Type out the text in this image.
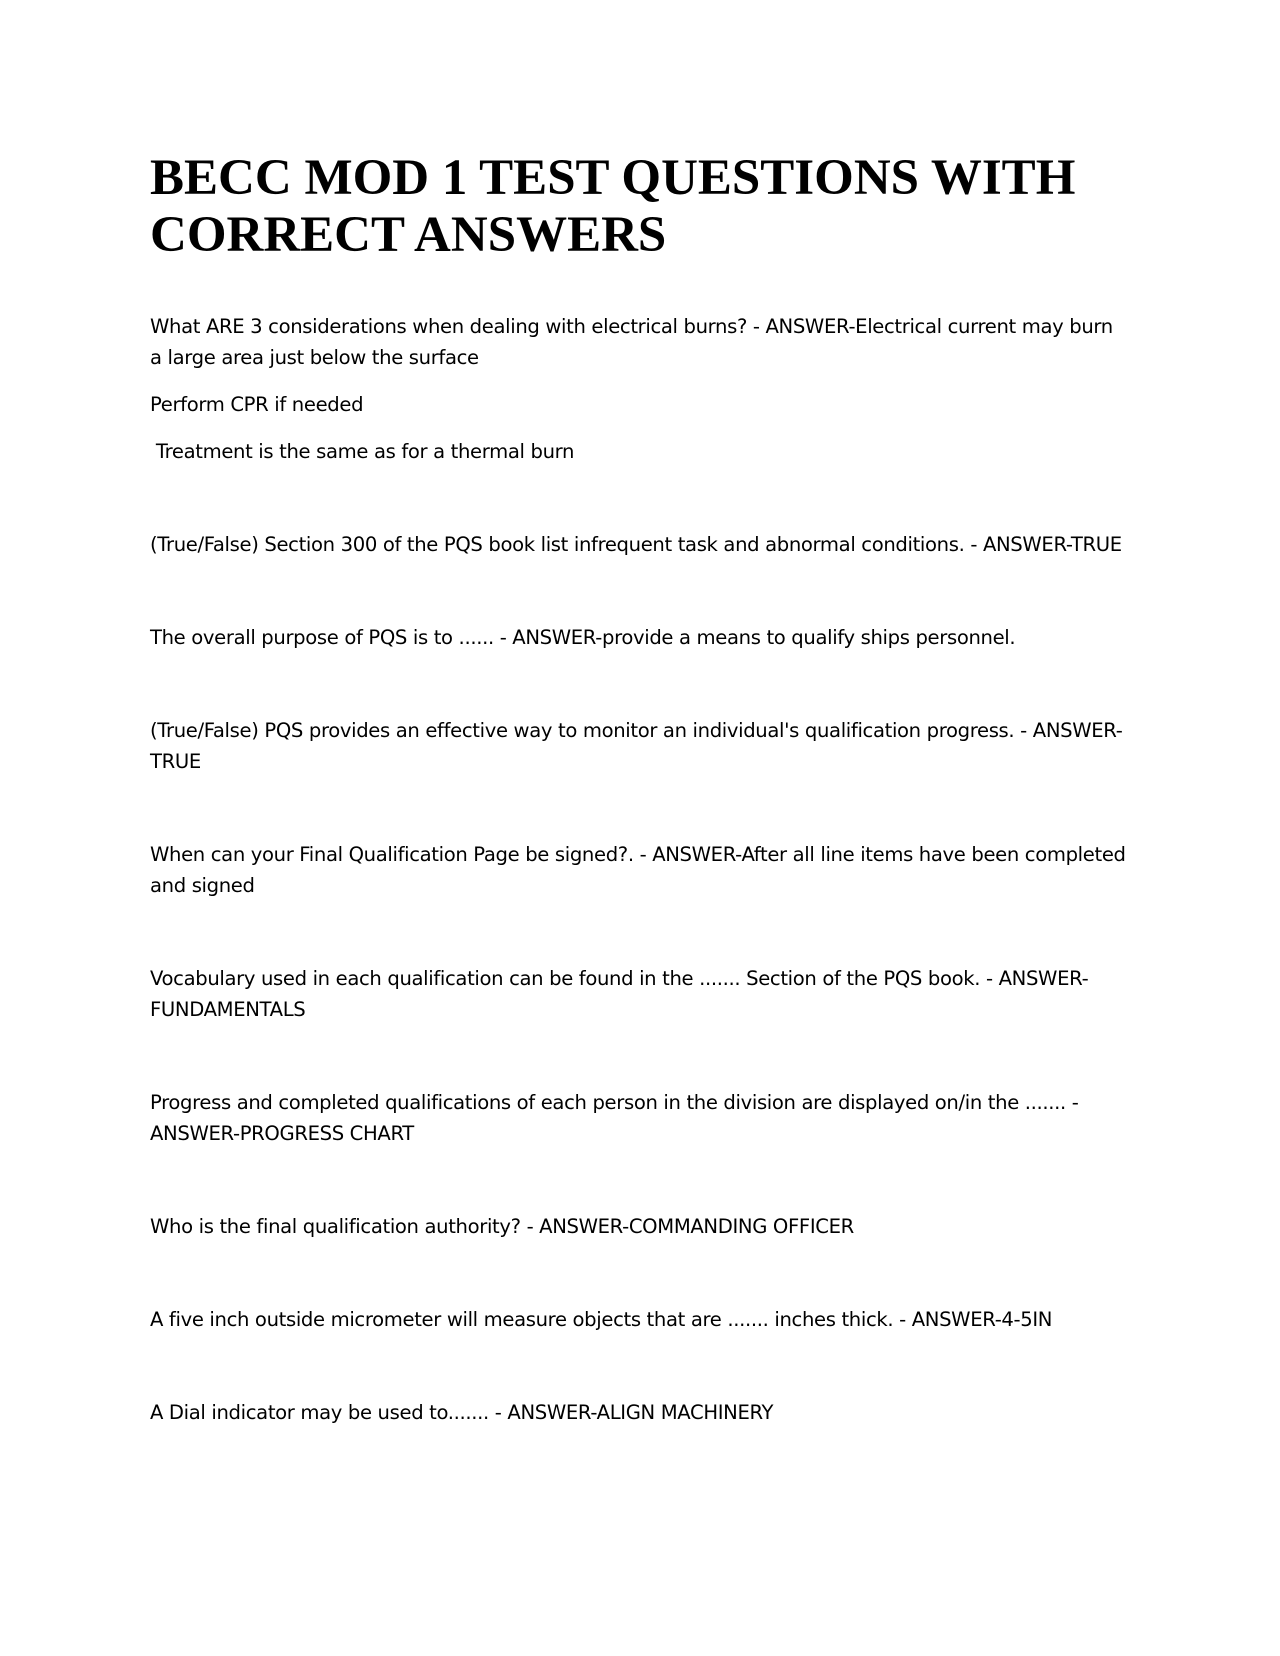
BECC MOD 1 TEST QUESTIONS WITH CORRECT ANSWERS

What ARE 3 considerations when dealing with electrical burns? - ANSWER-Electrical current may burn a large area just below the surface

Perform CPR if needed

Treatment is the same as for a thermal burn

(True/False) Section 300 of the PQS book list infrequent task and abnormal conditions. - ANSWER-TRUE

The overall purpose of PQS is to ...... - ANSWER-provide a means to qualify ships personnel.

(True/False) PQS provides an effective way to monitor an individual's qualification progress. - ANSWER-TRUE

When can your Final Qualification Page be signed?. - ANSWER-After all line items have been completed and signed

Vocabulary used in each qualification can be found in the ....... Section of the PQS book. - ANSWER-FUNDAMENTALS

Progress and completed qualifications of each person in the division are displayed on/in the ....... - ANSWER-PROGRESS CHART

Who is the final qualification authority? - ANSWER-COMMANDING OFFICER

A five inch outside micrometer will measure objects that are ....... inches thick. - ANSWER-4-5IN

A Dial indicator may be used to....... - ANSWER-ALIGN MACHINERY
